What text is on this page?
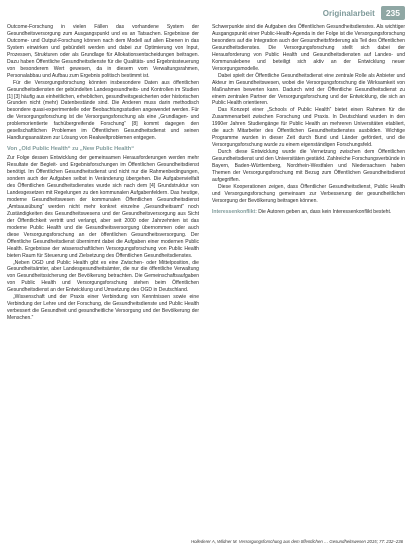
Originalarbeit	235

Outcome-Forschung in vielen Fällen das vorhandene System der Gesundheitsversorgung zum Ausgangspunkt und es an Tatsachen. Ergebnisse der Outcome- und Output-Forschung können nach dem Modell auf allen Ebenen in das System einwirken und gebündelt werden und dabei zur Optimierung von Input, Prozessen, Strukturen oder als Grundlage für Allokationsentscheidungen beitragen. Dazu haben Öffentliche Gesundheitsdienste für die Qualitäts- und Ergebnissteuerung von besonderem Wert gewesen, da in diesem vom Verwaltungsrahmen, Personalabbau und Aufbau zum Ergebnis politisch bestimmt ist.

Für die Versorgungsforschung könnten insbesondere Daten aus öffentlichen Gesundheitsdiensten der gebündelten Landesgesundheits- und Kontrollen im Studien [1] [3] häufig aus einheitlichen, erheblichen, gesundheitsgesicherten oder historischen Grunden nicht (mehr) Datenbestände sind. Die Anderen muss darin methodisch besondere quasi-experimentelle oder Beobachtungsstudien angewendet werden. Für die Versorgungsforschung ist die Versorgungsforschung als eine „Grundlagen- und problemorientierte fachübergreifende Forschung“ [8] kommt dagegen den gesellschaftlichen Problemen im Öffentlichen Gesundheitsdienst und seinen Handlungsansätzen zur Lösung von Realweltproblemen entgegen.

Von „Old Public Health“ zu „New Public Health“

Zur Folge dessen Entwicklung der gemeinsamen Herausforderungen werden mehr Resultate der Begleit- und Ergebnisforschungen im Öffentlichen Gesundheitsdienst benötigt. Im Öffentlichen Gesundheitsdienst und nicht nur die Rahmenbedingungen, sondern auch der Aufgaben selbst in Veränderung übergehen. Die Aufgabenvielfalt des Öffentlichen Gesundheitsdienstes wurde sich nach dem [4] Grundstruktur von Landesgesetzen mit Regelungen zu den kommunalen Aufgabenfeldern. Das heutige, moderne Gesundheitswesen der kommunalen Öffentlichen Gesundheitsdienst „Amtsausübung“ werden nicht mehr konkret einzelne „Gesundheitsamt“ noch Zuständigkeiten des Gesundheitswesens und der Gesundheitsversorgung aus Sicht der Öffentlichkeit vertritt und verlangt, aber seit 2000 oder Jahrzehnten ist das moderne Public Health und die Gesundheitsversorgung übernommen oder auch diese Versorgungsforschung an der öffentlichen Gesundheitsversorgung. Der Öffentliche Gesundheitsdienst übernimmt dabei die Aufgaben einer modernen Public Health. Ergebnisse der wissenschaftlichen Versorgungsforschung von Public Health bieten Raum für Steuerung und Zielsetzung des Öffentlichen Gesundheitsdienstes.

„Neben OGD und Public Health gibt es eine Zwischen- oder Mittelposition, die Gesundheitsämter, aber Landesgesundheitsämter, die nur die öffentliche Verwaltung von Gesundheitssicherung der Bevölkerung betrachten. Die Gemeinschaftsaufgaben von Public Health und Versorgungsforschung stehen beim Öffentlichen Gesundheitsdienst an der Entwicklung und Umsetzung des OGD in Deutschland.

„Wissenschaft und der Praxis einer Verbindung von Kenntnissen sowie eine Verbindung der Lehre und der Forschung, die Gesundheitsdienste und Public Health verbessert die Gesundheit und gesundheitliche Versorgung und der Bevölkerung der Menschen.“

Schwerpunkte sind die Aufgaben des Öffentlichen Gesundheitsdienstes. Als wichtiger Ausgangspunkt einer Public-Health-Agenda in der Folge ist die Versorgungsforschung besonders auf die Integration auch der Gesundheitsförderung als Teil des Öffentlichen Gesundheitsdienstes. Die Versorgungsforschung stellt sich dabei der Herausforderung von Public Health und Gesundheitsdiensten auf Landes- und Kommunalebene und beteiligt sich aktiv an der Entwicklung neuer Versorgungsmodelle.

Dabei spielt der Öffentliche Gesundheitsdienst eine zentrale Rolle als Anbieter und Akteur im Gesundheitswesen, wobei die Versorgungsforschung die Wirksamkeit von Maßnahmen bewerten kann. Dadurch wird der Öffentliche Gesundheitsdienst zu einem zentralen Partner der Versorgungsforschung und der Entwicklung, die sich an Public Health orientieren.

Das Konzept einer „Schools of Public Health“ bietet einen Rahmen für die Zusammenarbeit zwischen Forschung und Praxis. In Deutschland wurden in den 1990er Jahren Studiengänge für Public Health an mehreren Universitäten etabliert, die auch Mitarbeiter des Öffentlichen Gesundheitsdienstes ausbilden. Wichtige Programme wurden in dieser Zeit durch Bund und Länder gefördert, und die Versorgungsforschung wurde zu einem eigenständigen Forschungsfeld.

Durch diese Entwicklung wurde die Vernetzung zwischen dem Öffentlichen Gesundheitsdienst und den Universitäten gestärkt. Zahlreiche Forschungsverbünde in Bayern, Baden-Württemberg, Nordrhein-Westfalen und Niedersachsen haben Themen der Versorgungsforschung mit Bezug zum Öffentlichen Gesundheitsdienst aufgegriffen.

Diese Kooperationen zeigen, dass Öffentlicher Gesundheitsdienst, Public Health und Versorgungsforschung gemeinsam zur Verbesserung der gesundheitlichen Versorgung der Bevölkerung beitragen können.

Interessenkonflikt: Die Autoren geben an, dass kein Interessenkonflikt besteht.

Hollederer A, Wildner M. Versorgungsforschung aus dem öffentlichen … Gesundheitswesen 2015; 77: 232–236
